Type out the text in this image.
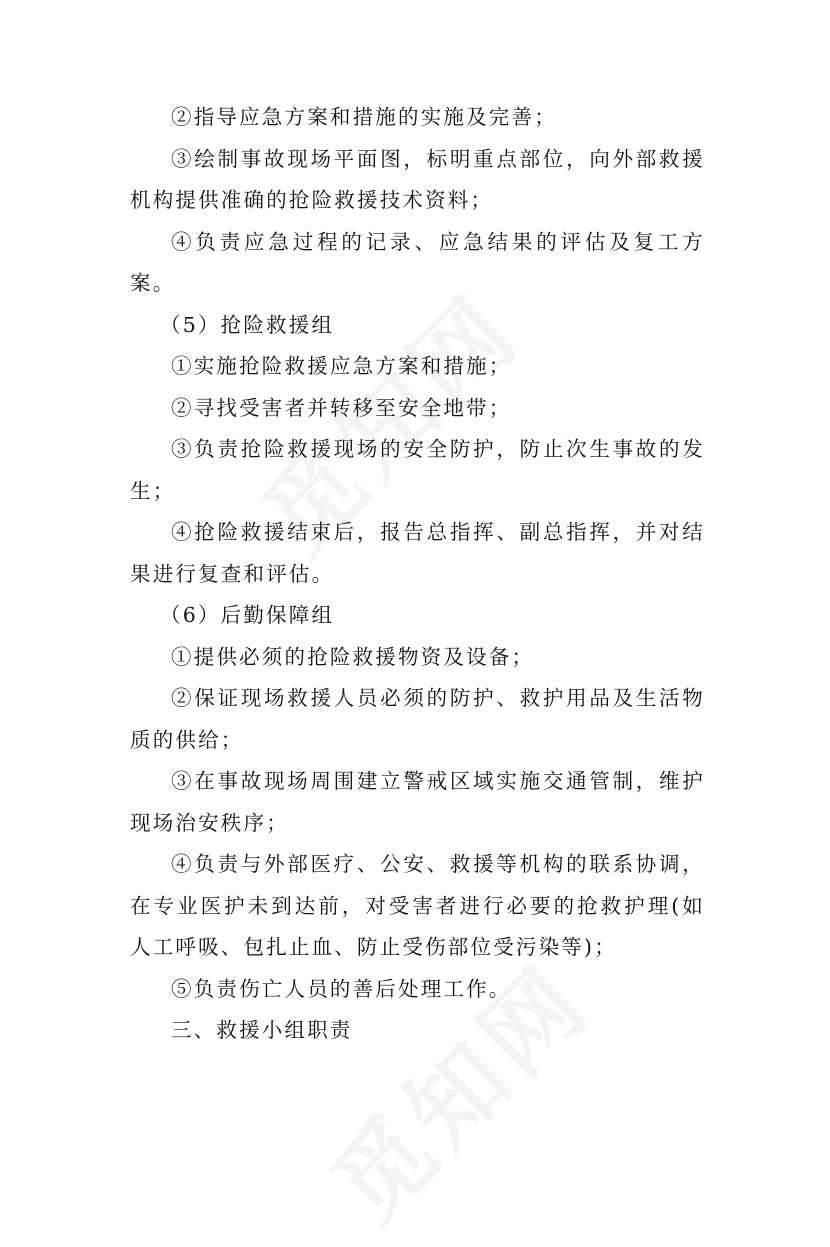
②指导应急方案和措施的实施及完善；

③绘制事故现场平面图，标明重点部位，向外部救援机构提供准确的抢险救援技术资料；

④负责应急过程的记录、应急结果的评估及复工方案。

（5）抢险救援组

①实施抢险救援应急方案和措施；

②寻找受害者并转移至安全地带；

③负责抢险救援现场的安全防护，防止次生事故的发生；

④抢险救援结束后，报告总指挥、副总指挥，并对结果进行复查和评估。

（6）后勤保障组

①提供必须的抢险救援物资及设备；

②保证现场救援人员必须的防护、救护用品及生活物质的供给；

③在事故现场周围建立警戒区域实施交通管制，维护现场治安秩序；

④负责与外部医疗、公安、救援等机构的联系协调，在专业医护未到达前，对受害者进行必要的抢救护理(如人工呼吸、包扎止血、防止受伤部位受污染等)；

⑤负责伤亡人员的善后处理工作。

三、救援小组职责
